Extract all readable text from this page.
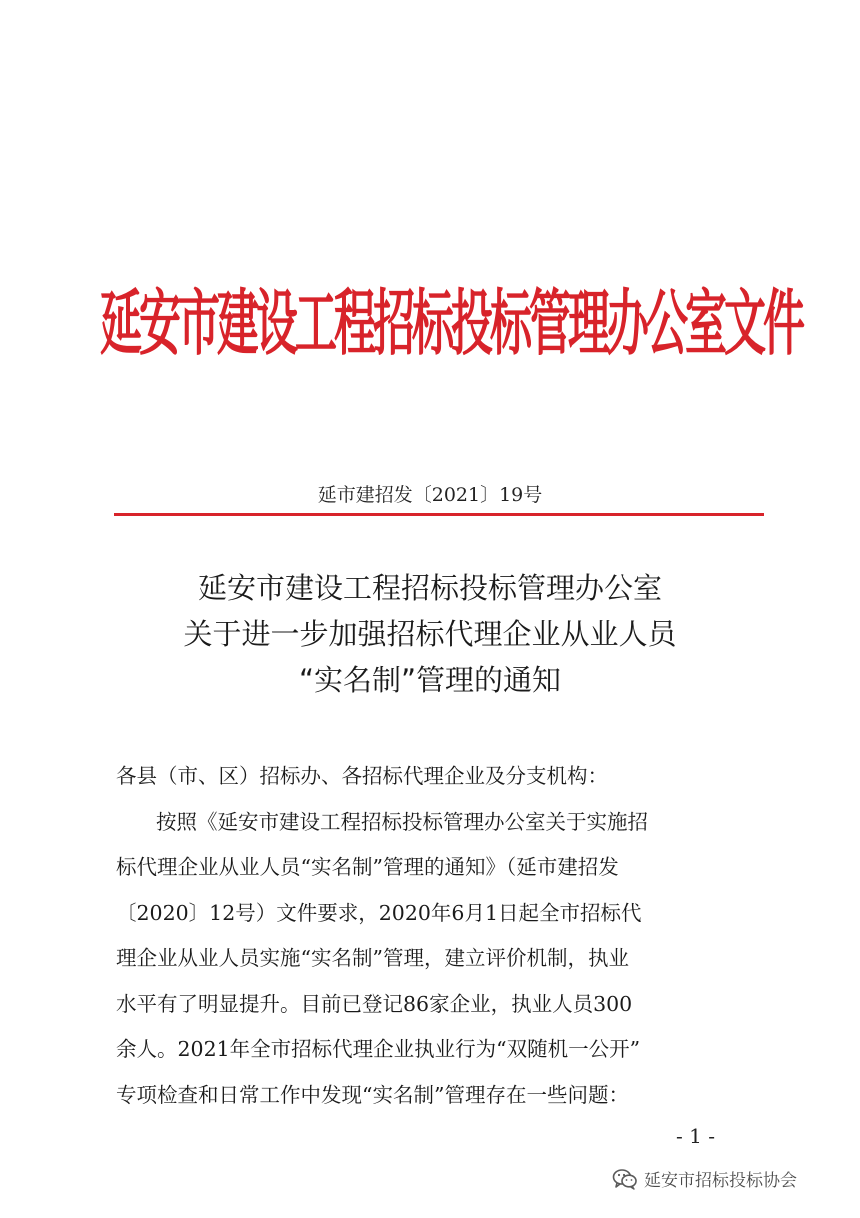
延安市建设工程招标投标管理办公室文件
延市建招发〔2021〕19号
延安市建设工程招标投标管理办公室
关于进一步加强招标代理企业从业人员
“实名制”管理的通知
各县（市、区）招标办、各招标代理企业及分支机构：
按照《延安市建设工程招标投标管理办公室关于实施招
标代理企业从业人员“实名制”管理的通知》（延市建招发
〔2020〕12号）文件要求，2020年6月1日起全市招标代
理企业从业人员实施“实名制”管理，建立评价机制，执业
水平有了明显提升。目前已登记86家企业，执业人员300
余人。2021年全市招标代理企业执业行为“双随机一公开”
专项检查和日常工作中发现“实名制”管理存在一些问题：
- 1 -
延安市招标投标协会
